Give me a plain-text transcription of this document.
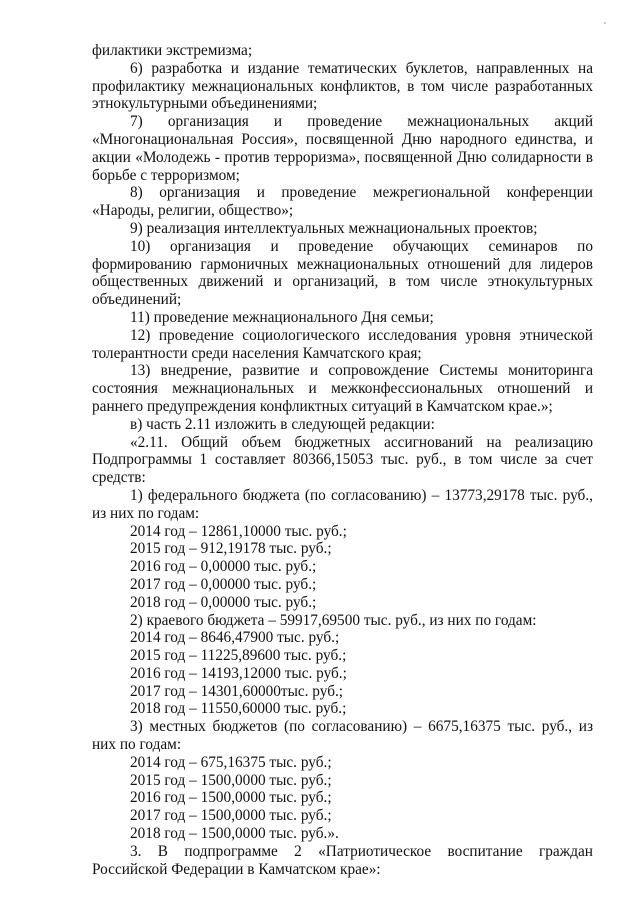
филактики экстремизма;

6) разработка и издание тематических буклетов, направленных на профилактику межнациональных конфликтов, в том числе разработанных этнокультурными объединениями;

7) организация и проведение межнациональных акций «Многонациональная Россия», посвященной Дню народного единства, и акции «Молодежь - против терроризма», посвященной Дню солидарности в борьбе с терроризмом;

8) организация и проведение межрегиональной конференции «Народы, религии, общество»;

9) реализация интеллектуальных межнациональных проектов;

10) организация и проведение обучающих семинаров по формированию гармоничных межнациональных отношений для лидеров общественных движений и организаций, в том числе этнокультурных объединений;

11) проведение межнационального Дня семьи;

12) проведение социологического исследования уровня этнической толерантности среди населения Камчатского края;

13) внедрение, развитие и сопровождение Системы мониторинга состояния межнациональных и межконфессиональных отношений и раннего предупреждения конфликтных ситуаций в Камчатском крае.»;

в) часть 2.11 изложить в следующей редакции:

«2.11. Общий объем бюджетных ассигнований на реализацию Подпрограммы 1 составляет 80366,15053 тыс. руб., в том числе за счет средств:

1) федерального бюджета (по согласованию) – 13773,29178 тыс. руб., из них по годам:

2014 год – 12861,10000 тыс. руб.;

2015 год – 912,19178 тыс. руб.;

2016 год – 0,00000 тыс. руб.;

2017 год – 0,00000 тыс. руб.;

2018 год – 0,00000 тыс. руб.;

2) краевого бюджета – 59917,69500 тыс. руб., из них по годам:

2014 год – 8646,47900 тыс. руб.;

2015 год – 11225,89600 тыс. руб.;

2016 год – 14193,12000 тыс. руб.;

2017 год – 14301,60000тыс. руб.;

2018 год – 11550,60000 тыс. руб.;

3) местных бюджетов (по согласованию) – 6675,16375 тыс. руб., из них по годам:

2014 год – 675,16375 тыс. руб.;

2015 год – 1500,0000 тыс. руб.;

2016 год – 1500,0000 тыс. руб.;

2017 год – 1500,0000 тыс. руб.;

2018 год – 1500,0000 тыс. руб.».

3. В подпрограмме 2 «Патриотическое воспитание граждан Российской Федерации в Камчатском крае»:
